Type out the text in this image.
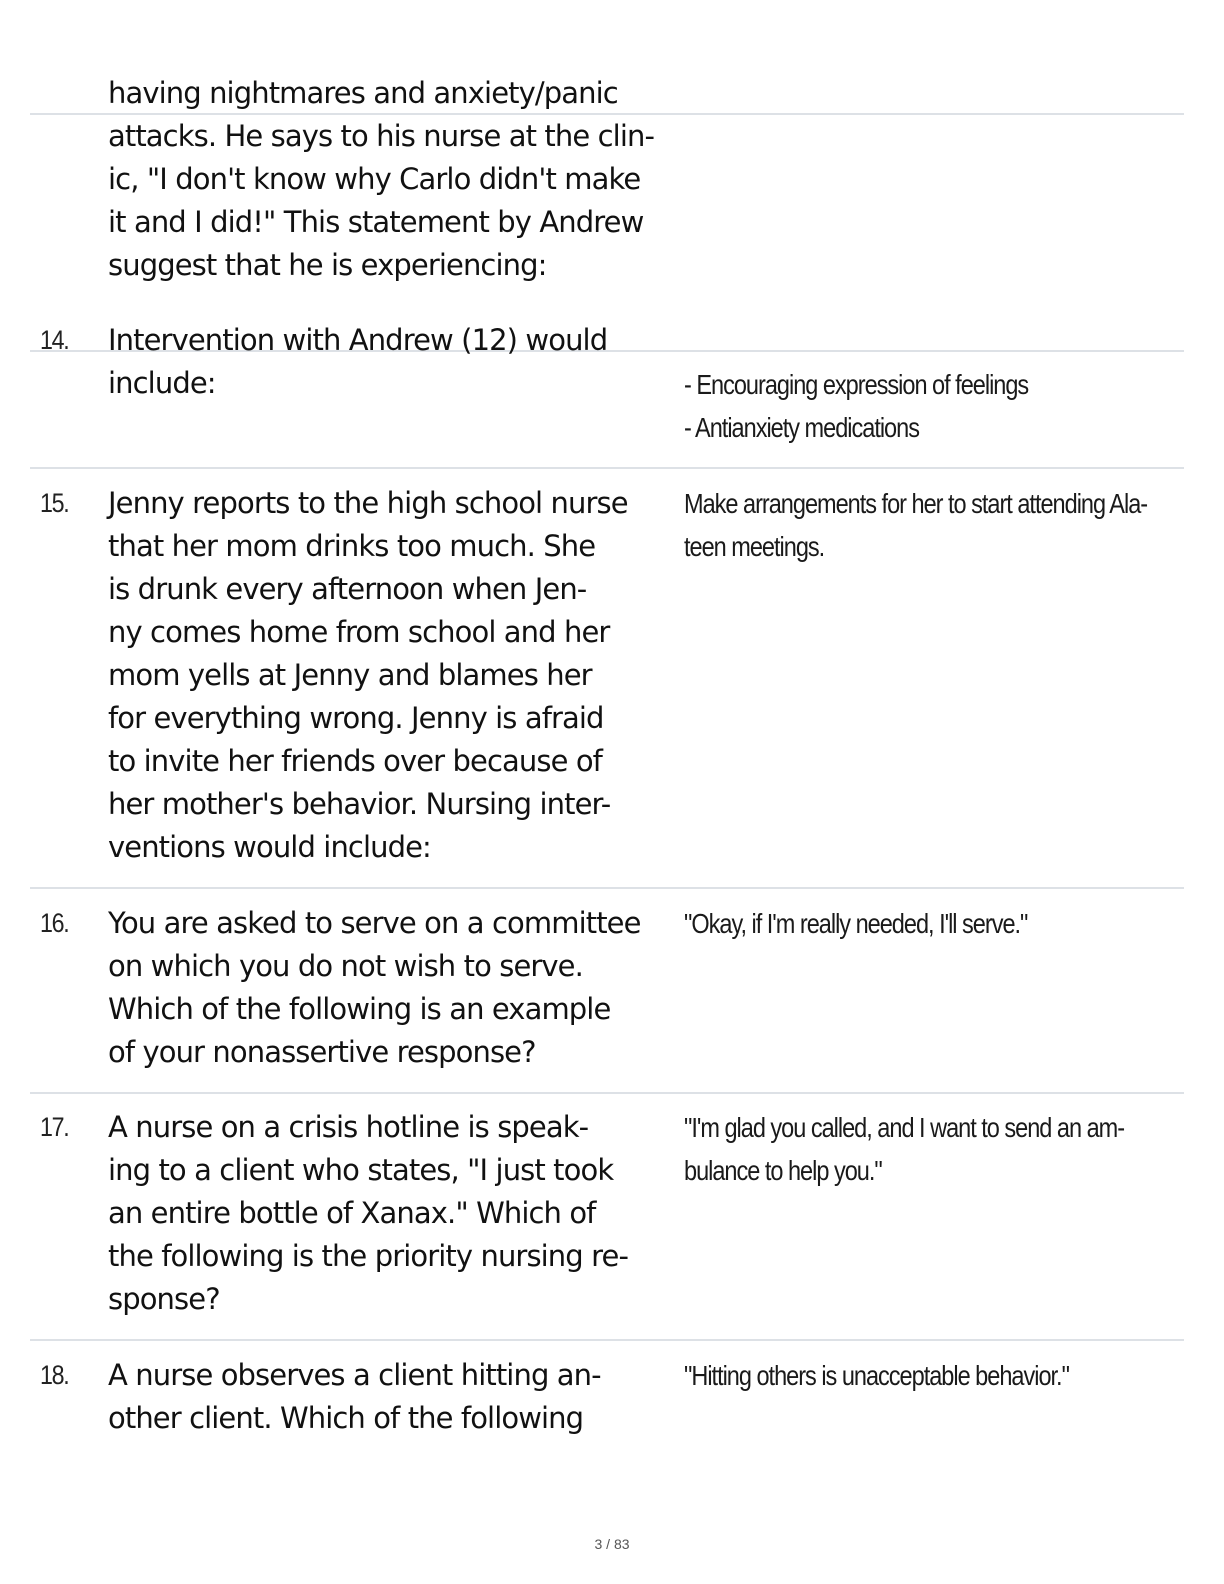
having nightmares and anxiety/panic
attacks. He says to his nurse at the clin-
ic, "I don't know why Carlo didn't make
it and I did!" This statement by Andrew
suggest that he is experiencing:
14. Intervention with Andrew (12) would
include:	- Encouraging expression of feelings
- Antianxiety medications
15. Jenny reports to the high school nurse
that her mom drinks too much. She
is drunk every afternoon when Jen-
ny comes home from school and her
mom yells at Jenny and blames her
for everything wrong. Jenny is afraid
to invite her friends over because of
her mother's behavior. Nursing inter-
ventions would include:
Make arrangements for her to start attending Ala-
teen meetings.
16. You are asked to serve on a committee
on which you do not wish to serve.
Which of the following is an example
of your nonassertive response?
"Okay, if I'm really needed, I'll serve."
17. A nurse on a crisis hotline is speak-
ing to a client who states, "I just took
an entire bottle of Xanax." Which of
the following is the priority nursing re-
sponse?
"I'm glad you called, and I want to send an am-
bulance to help you."
18. A nurse observes a client hitting an-
other client. Which of the following
"Hitting others is unacceptable behavior."
3 / 83
